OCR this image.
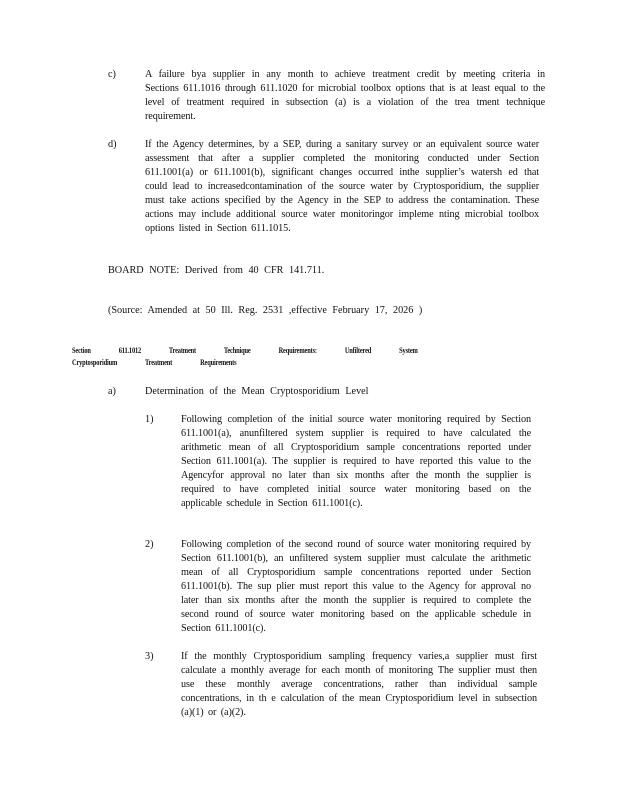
c)	A failure bya supplier in any month to achieve treatment credit by meeting criteria in Sections 611.1016 through 611.1020 for microbial toolbox options that is at least equal to the level of treatment required in subsection (a) is a violation of the trea tment technique requirement.
d)	If the Agency determines, by a SEP, during a sanitary survey or an equivalent source water assessment that after a supplier completed the monitoring conducted under Section 611.1001(a) or 611.1001(b), significant changes occurred inthe supplier’s watersh ed that could lead to increasedcontamination of the source water by Cryptosporidium, the supplier must take actions specified by the Agency in the SEP to address the contamination. These actions may include additional source water monitoringor impleme nting microbial toolbox options listed in Section 611.1015.
BOARD NOTE: Derived from 40 CFR 141.711.
(Source: Amended at 50 Ill. Reg. 2531 ,effective February 17, 2026 )
Section 611.1012 Treatment Technique Requirements: Unfiltered System
Cryptosporidium Treatment Requirements
a)	Determination of the Mean Cryptosporidium Level
1)	Following completion of the initial source water monitoring required by Section 611.1001(a), anunfiltered system supplier is required to have calculated the arithmetic mean of all Cryptosporidium sample concentrations reported under Section 611.1001(a). The supplier is required to have reported this value to the Agencyfor approval no later than six months after the month the supplier is required to have completed initial source water monitoring based on the applicable schedule in Section 611.1001(c).
2)	Following completion of the second round of source water monitoring required by Section 611.1001(b), an unfiltered system supplier must calculate the arithmetic mean of all Cryptosporidium sample concentrations reported under Section 611.1001(b). The sup plier must report this value to the Agency for approval no later than six months after the month the supplier is required to complete the second round of source water monitoring based on the applicable schedule in Section 611.1001(c).
3)	If the monthly Cryptosporidium sampling frequency varies,a supplier must first calculate a monthly average for each month of monitoring The supplier must then use these monthly average concentrations, rather than individual sample concentrations, in th e calculation of the mean Cryptosporidium level in subsection (a)(1) or (a)(2).
